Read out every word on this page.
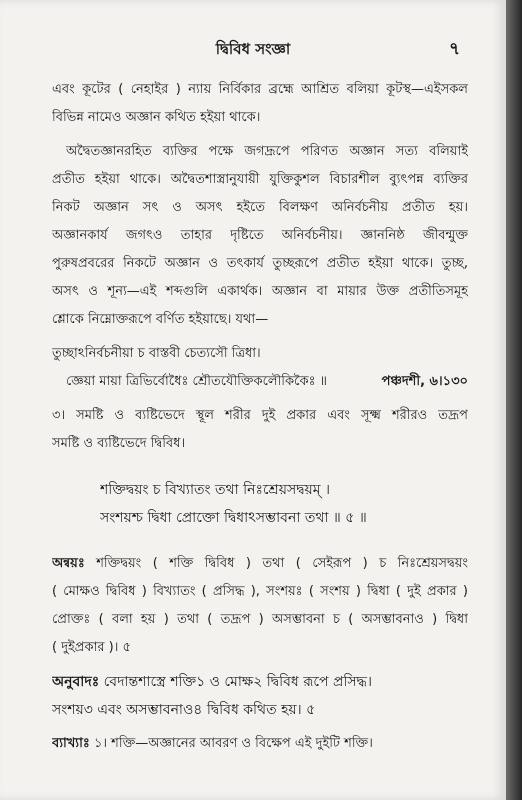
দ্বিবিধ সংজ্ঞা	৭
এবং কূটের ( নেহাইর ) ন্যায় নির্বিকার ব্রহ্মে আশ্রিত বলিয়া কূটস্থ—এইসকল
বিভিন্ন নামেও অজ্ঞান কথিত হইয়া থাকে।
অদ্বৈতজ্ঞানরহিত ব্যক্তির পক্ষে জগদ্রূপে পরিণত অজ্ঞান সত্য বলিয়াই
প্রতীত হইয়া থাকে। অদ্বৈতশাস্ত্রানুযায়ী যুক্তিকুশল বিচারশীল ব্যুৎপন্ন ব্যক্তির
নিকট অজ্ঞান সৎ ও অসৎ হইতে বিলক্ষণ অনির্বচনীয় প্রতীত হয়।
অজ্ঞানকার্য জগৎও তাহার দৃষ্টিতে অনির্বচনীয়। জ্ঞাননিষ্ঠ জীবন্মুক্ত
পুরুষপ্রবরের নিকটে অজ্ঞান ও তৎকার্য তুচ্ছরূপে প্রতীত হইয়া থাকে। তুচ্ছ,
অসৎ ও শূন্য—এই শব্দগুলি একার্থক। অজ্ঞান বা মায়ার উক্ত প্রতীতিসমূহ
শ্লোকে নিম্নোক্তরূপে বর্ণিত হইয়াছে। যথা—
তুচ্ছাঽনির্বচনীয়া চ বাস্তবী চেত্যসৌ ত্রিধা।
জ্ঞেয়া মায়া ত্রিভির্বোধৈঃ শ্রৌতযৌক্তিকলৌকিকৈঃ ॥	পঞ্চদশী, ৬।১৩০
৩। সমষ্টি ও ব্যষ্টিভেদে স্থূল শরীর দুই প্রকার এবং সূক্ষ্ম শরীরও তদ্রূপ
সমষ্টি ও ব্যষ্টিভেদে দ্বিবিধ।
শক্তিদ্বয়ং চ বিখ্যাতং তথা নিঃশ্রেয়সদ্বয়ম্ ।
সংশয়শ্চ দ্বিধা প্রোক্তো দ্বিধাঽসম্ভাবনা তথা ॥ ৫ ॥
অন্বয়ঃ শক্তিদ্বয়ং ( শক্তি দ্বিবিধ ) তথা ( সেইরূপ ) চ নিঃশ্রেয়সদ্বয়ং
( মোক্ষও দ্বিবিধ ) বিখ্যাতং ( প্রসিদ্ধ ), সংশয়ঃ ( সংশয় ) দ্বিধা ( দুই প্রকার )
প্রোক্তঃ ( বলা হয় ) তথা ( তদ্রূপ ) অসম্ভাবনা চ ( অসম্ভাবনাও ) দ্বিধা
( দুইপ্রকার )। ৫
অনুবাদঃ বেদান্তশাস্ত্রে শক্তি১ ও মোক্ষ২ দ্বিবিধ রূপে প্রসিদ্ধ।
সংশয়৩ এবং অসম্ভাবনাও৪ দ্বিবিধ কথিত হয়। ৫
ব্যাখ্যাঃ ১। শক্তি—অজ্ঞানের আবরণ ও বিক্ষেপ এই দুইটি শক্তি।
